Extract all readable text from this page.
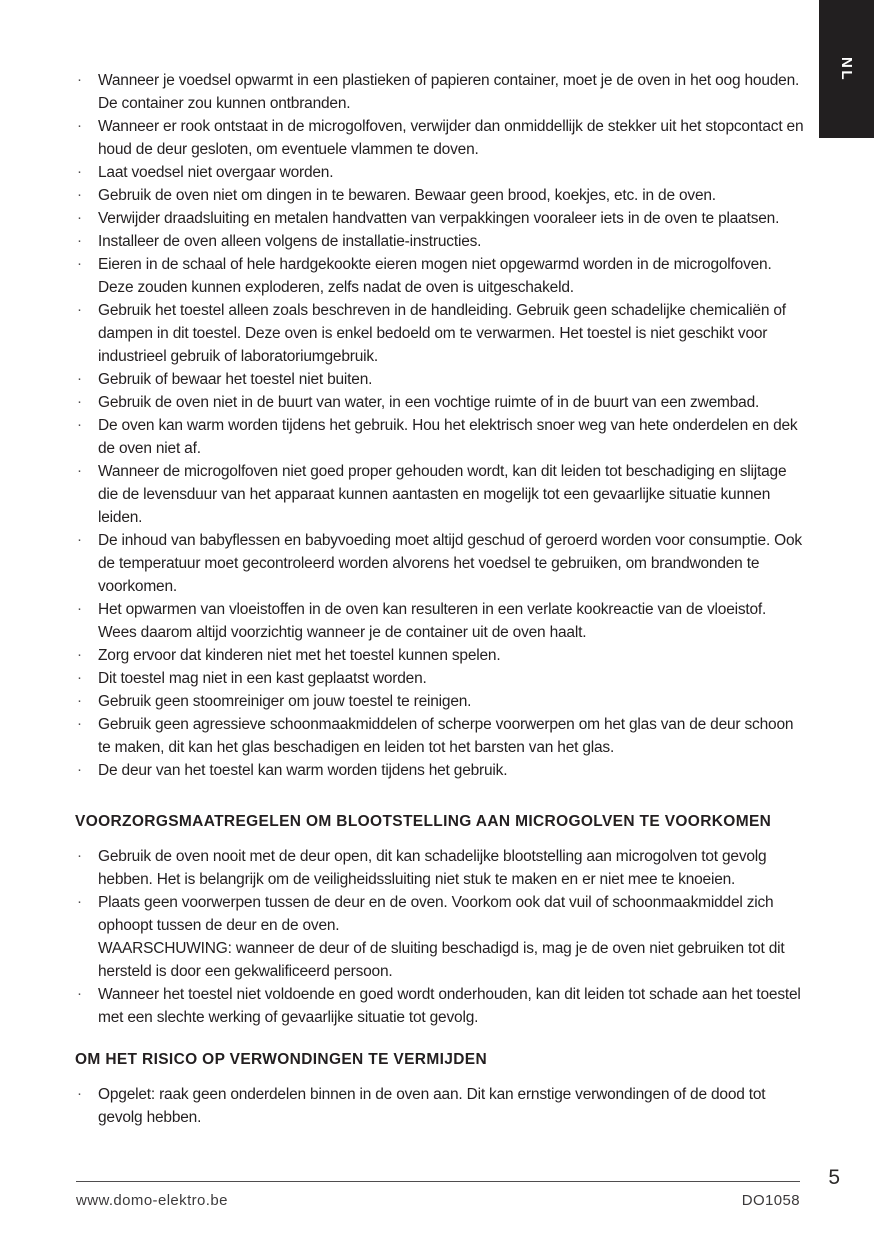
NL
· Wanneer je voedsel opwarmt in een plastieken of papieren container, moet je de oven in het oog houden. De container zou kunnen ontbranden.
· Wanneer er rook ontstaat in de microgolfoven, verwijder dan onmiddellijk de stekker uit het stopcontact en houd de deur gesloten, om eventuele vlammen te doven.
· Laat voedsel niet overgaar worden.
· Gebruik de oven niet om dingen in te bewaren. Bewaar geen brood, koekjes, etc. in de oven.
· Verwijder draadsluiting en metalen handvatten van verpakkingen vooraleer iets in de oven te plaatsen.
· Installeer de oven alleen volgens de installatie-instructies.
· Eieren in de schaal of hele hardgekookte eieren mogen niet opgewarmd worden in de microgolfoven. Deze zouden kunnen exploderen, zelfs nadat de oven is uitgeschakeld.
· Gebruik het toestel alleen zoals beschreven in de handleiding. Gebruik geen schadelijke chemicaliën of dampen in dit toestel. Deze oven is enkel bedoeld om te verwarmen. Het toestel is niet geschikt voor industrieel gebruik of laboratoriumgebruik.
· Gebruik of bewaar het toestel niet buiten.
· Gebruik de oven niet in de buurt van water, in een vochtige ruimte of in de buurt van een zwembad.
· De oven kan warm worden tijdens het gebruik. Hou het elektrisch snoer weg van hete onderdelen en dek de oven niet af.
· Wanneer de microgolfoven niet goed proper gehouden wordt, kan dit leiden tot beschadiging en slijtage die de levensduur van het apparaat kunnen aantasten en mogelijk tot een gevaarlijke situatie kunnen leiden.
· De inhoud van babyflessen en babyvoeding moet altijd geschud of geroerd worden voor consumptie. Ook de temperatuur moet gecontroleerd worden alvorens het voedsel te gebruiken, om brandwonden te voorkomen.
· Het opwarmen van vloeistoffen in de oven kan resulteren in een verlate kookreactie van de vloeistof. Wees daarom altijd voorzichtig wanneer je de container uit de oven haalt.
· Zorg ervoor dat kinderen niet met het toestel kunnen spelen.
· Dit toestel mag niet in een kast geplaatst worden.
· Gebruik geen stoomreiniger om jouw toestel te reinigen.
· Gebruik geen agressieve schoonmaakmiddelen of scherpe voorwerpen om het glas van de deur schoon te maken, dit kan het glas beschadigen en leiden tot het barsten van het glas.
· De deur van het toestel kan warm worden tijdens het gebruik.
VOORZORGSMAATREGELEN OM BLOOTSTELLING AAN MICROGOLVEN TE VOORKOMEN
· Gebruik de oven nooit met de deur open, dit kan schadelijke blootstelling aan microgolven tot gevolg hebben. Het is belangrijk om de veiligheidssluiting niet stuk te maken en er niet mee te knoeien.
· Plaats geen voorwerpen tussen de deur en de oven. Voorkom ook dat vuil of schoonmaakmiddel zich ophoopt tussen de deur en de oven.
WAARSCHUWING: wanneer de deur of de sluiting beschadigd is, mag je de oven niet gebruiken tot dit hersteld is door een gekwalificeerd persoon.
· Wanneer het toestel niet voldoende en goed wordt onderhouden, kan dit leiden tot schade aan het toestel met een slechte werking of gevaarlijke situatie tot gevolg.
OM HET RISICO OP VERWONDINGEN TE VERMIJDEN
· Opgelet: raak geen onderdelen binnen in de oven aan. Dit kan ernstige verwondingen of de dood tot gevolg hebben.
5
www.domo-elektro.be	DO1058
